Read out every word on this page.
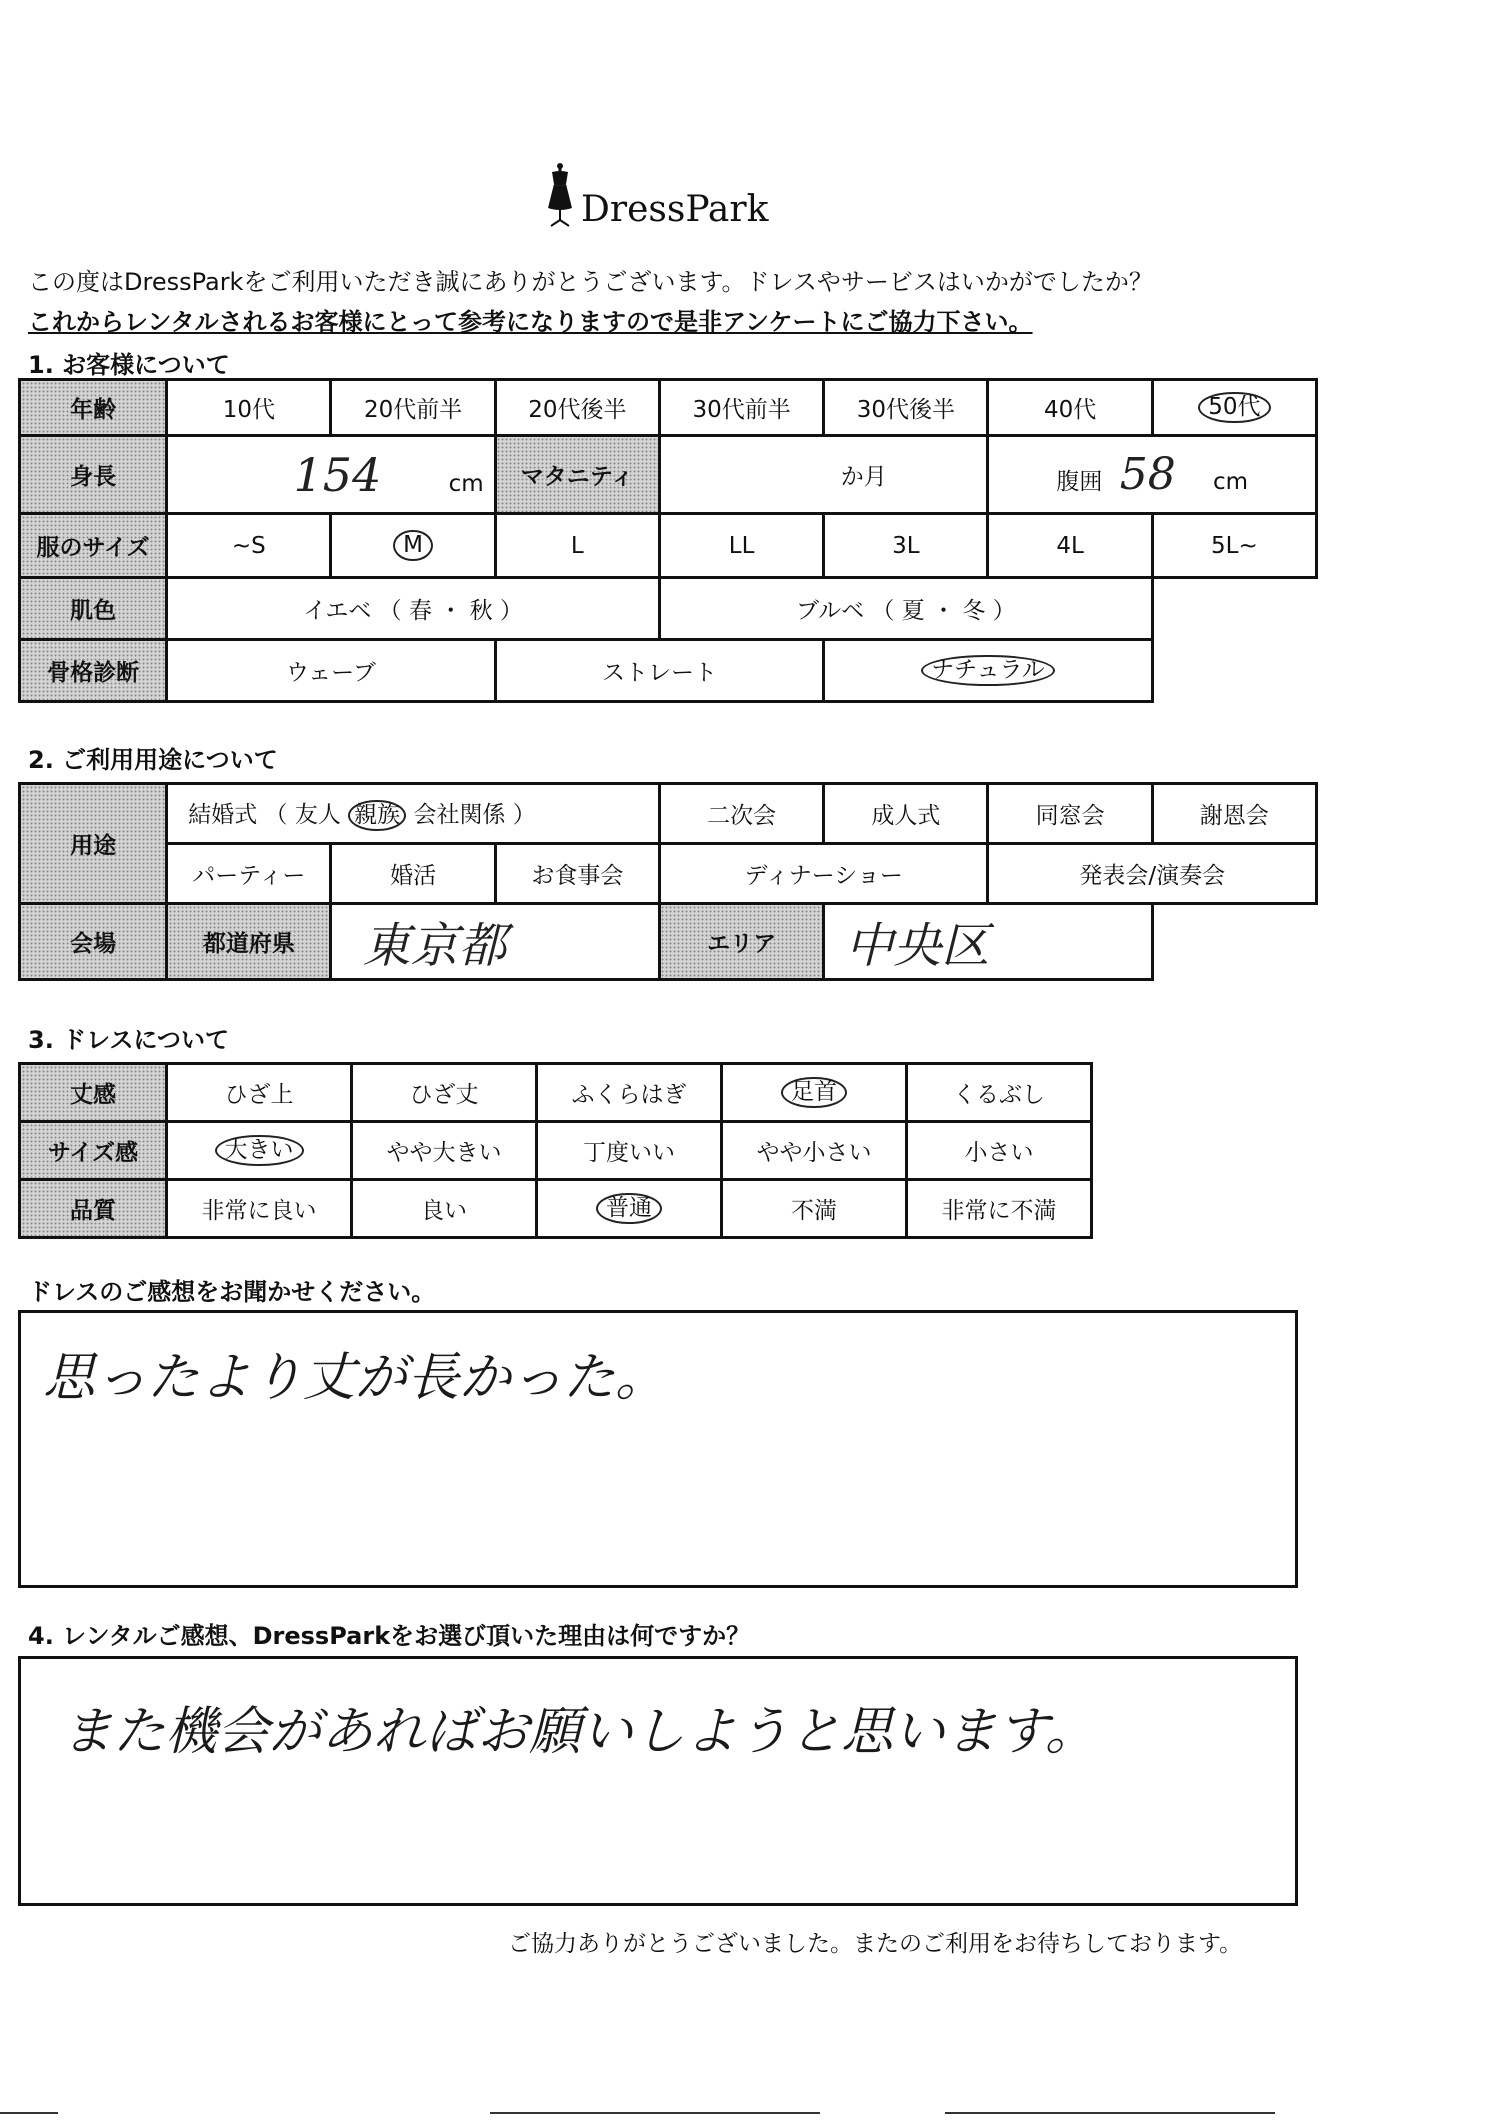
DressPark
この度はDressParkをご利用いただき誠にありがとうございます。ドレスやサービスはいかがでしたか？
これからレンタルされるお客様にとって参考になりますので是非アンケートにご協力下さい。
1. お客様について
年齢	10代	20代前半	20代後半	30代前半	30代後半	40代	50代
身長	154 cm		マタニティ	か月		腹囲 58 cm	
服のサイズ	~S	M	L	LL	3L	4L	5L~
肌色	イエベ （ 春 ・ 秋 ）			ブルベ （ 夏 ・ 冬 ）			
骨格診断	ウェーブ		ストレート		ナチュラル		
2. ご利用用途について
用途	結婚式 （ 友人 親族 会社関係 ）			二次会	成人式	同窓会	謝恩会
	パーティー	婚活	お食事会	ディナーショー		発表会/演奏会	
会場	都道府県	東京都		エリア	中央区		
3. ドレスについて
丈感	ひざ上	ひざ丈	ふくらはぎ	足首	くるぶし
サイズ感	大きい	やや大きい	丁度いい	やや小さい	小さい
品質	非常に良い	良い	普通	不満	非常に不満
ドレスのご感想をお聞かせください。
思ったより丈が長かった。
4. レンタルご感想、DressParkをお選び頂いた理由は何ですか？
また機会があればお願いしようと思います。
ご協力ありがとうございました。またのご利用をお待ちしております。
